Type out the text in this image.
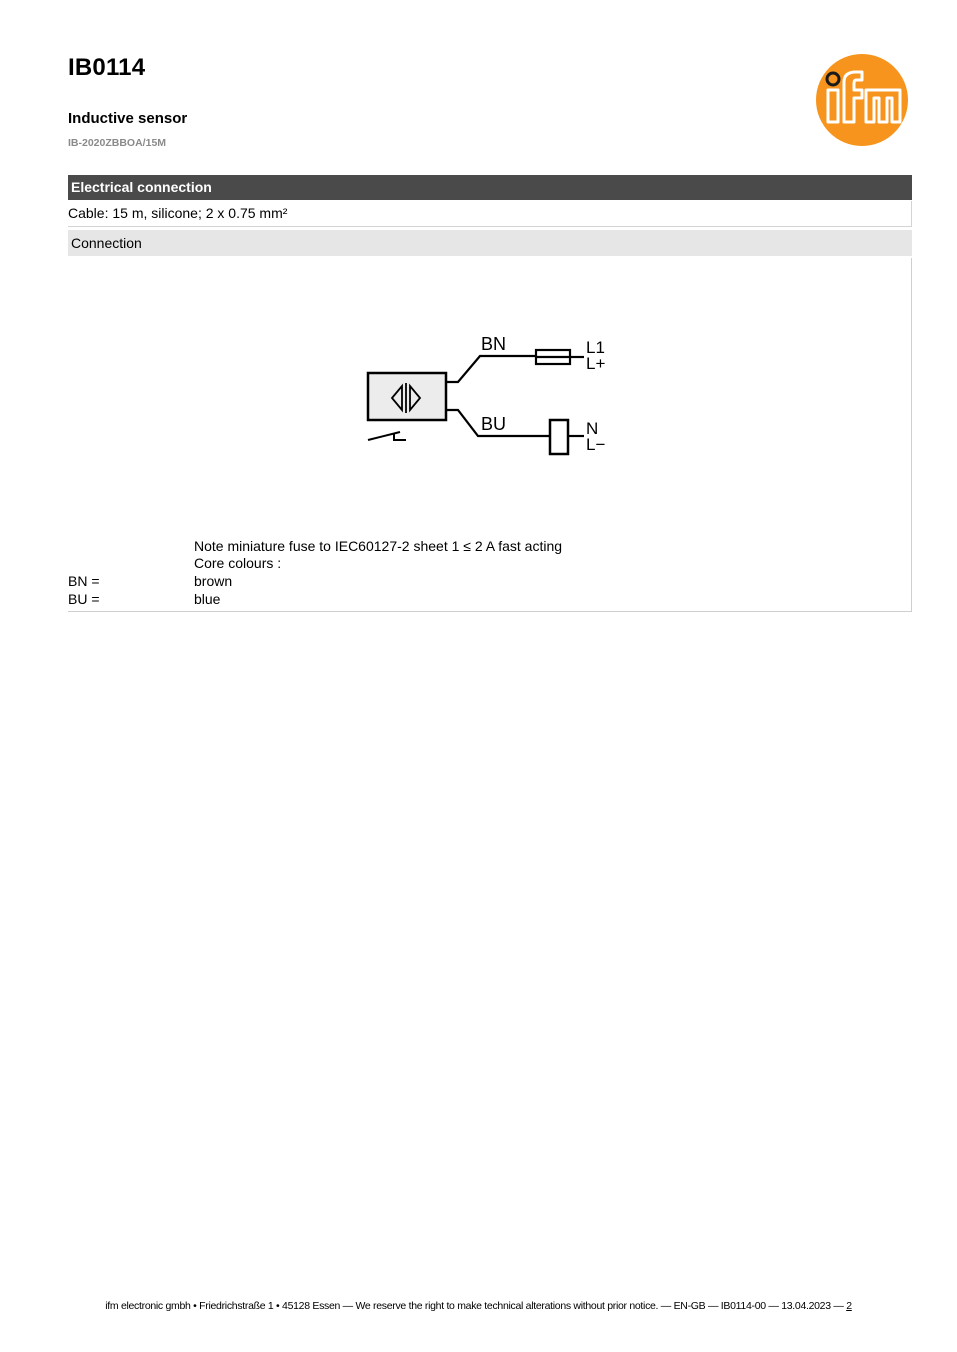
IB0114
Inductive sensor
IB-2020ZBBOA/15M
Electrical connection
Cable: 15 m, silicone; 2 x 0.75 mm²
Connection
BN
BU
L1
L+
N
L−
Note miniature fuse to IEC60127-2 sheet 1 ≤ 2 A fast acting
Core colours :
BN =	brown
BU =	blue
ifm electronic gmbh • Friedrichstraße 1 • 45128 Essen — We reserve the right to make technical alterations without prior notice. — EN-GB — IB0114-00 — 13.04.2023 — 2
